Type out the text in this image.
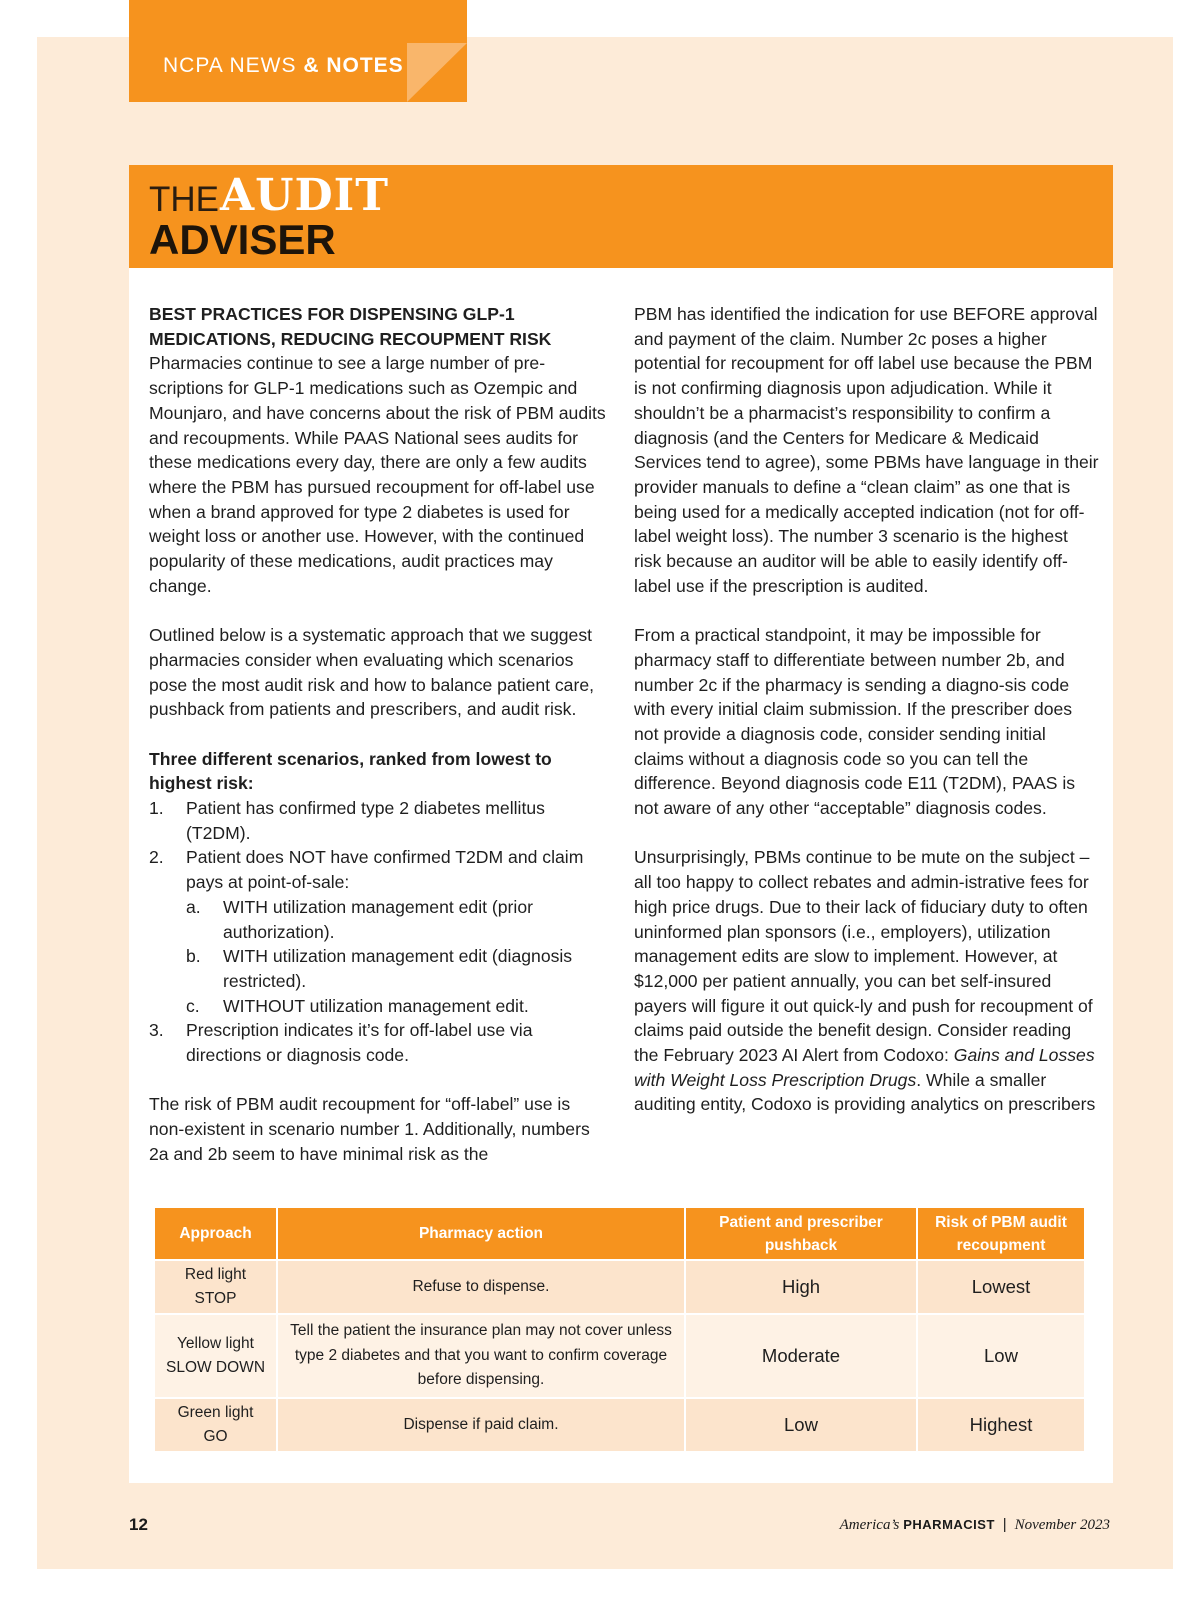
NCPA NEWS & NOTES
THE AUDIT
ADVISER

BEST PRACTICES FOR DISPENSING GLP-1 MEDICATIONS, REDUCING RECOUPMENT RISK

Pharmacies continue to see a large number of pre-scriptions for GLP-1 medications such as Ozempic and Mounjaro, and have concerns about the risk of PBM audits and recoupments. While PAAS National sees audits for these medications every day, there are only a few audits where the PBM has pursued recoupment for off-label use when a brand approved for type 2 diabetes is used for weight loss or another use. However, with the continued popularity of these medications, audit practices may change.

Outlined below is a systematic approach that we suggest pharmacies consider when evaluating which scenarios pose the most audit risk and how to balance patient care, pushback from patients and prescribers, and audit risk.

Three different scenarios, ranked from lowest to highest risk:

1. Patient has confirmed type 2 diabetes mellitus (T2DM).
2. Patient does NOT have confirmed T2DM and claim pays at point-of-sale:
a. WITH utilization management edit (prior authorization).
b. WITH utilization management edit (diagnosis restricted).
c. WITHOUT utilization management edit.
3. Prescription indicates it’s for off-label use via directions or diagnosis code.

The risk of PBM audit recoupment for “off-label” use is non-existent in scenario number 1. Additionally, numbers 2a and 2b seem to have minimal risk as the

PBM has identified the indication for use BEFORE approval and payment of the claim. Number 2c poses a higher potential for recoupment for off label use because the PBM is not confirming diagnosis upon adjudication. While it shouldn’t be a pharmacist’s responsibility to confirm a diagnosis (and the Centers for Medicare & Medicaid Services tend to agree), some PBMs have language in their provider manuals to define a “clean claim” as one that is being used for a medically accepted indication (not for off-label weight loss). The number 3 scenario is the highest risk because an auditor will be able to easily identify off-label use if the prescription is audited.

From a practical standpoint, it may be impossible for pharmacy staff to differentiate between number 2b, and number 2c if the pharmacy is sending a diagno-sis code with every initial claim submission. If the prescriber does not provide a diagnosis code, consider sending initial claims without a diagnosis code so you can tell the difference. Beyond diagnosis code E11 (T2DM), PAAS is not aware of any other “acceptable” diagnosis codes.

Unsurprisingly, PBMs continue to be mute on the subject – all too happy to collect rebates and admin-istrative fees for high price drugs. Due to their lack of fiduciary duty to often uninformed plan sponsors (i.e., employers), utilization management edits are slow to implement. However, at $12,000 per patient annually, you can bet self-insured payers will figure it out quick-ly and push for recoupment of claims paid outside the benefit design. Consider reading the February 2023 AI Alert from Codoxo: Gains and Losses with Weight Loss Prescription Drugs. While a smaller auditing entity, Codoxo is providing analytics on prescribers

Approach	Pharmacy action	Patient and prescriber pushback	Risk of PBM audit recoupment
Red light
STOP	Refuse to dispense.	High	Lowest
Yellow light
SLOW DOWN	Tell the patient the insurance plan may not cover unless type 2 diabetes and that you want to confirm coverage before dispensing.	Moderate	Low
Green light
GO	Dispense if paid claim.	Low	Highest
12	America’s PHARMACIST | November 2023
